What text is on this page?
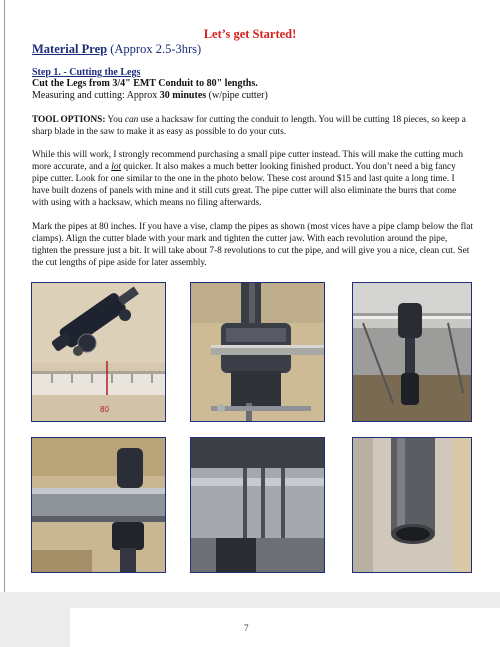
Let’s get Started!
Material Prep (Approx 2.5-3hrs)
Step 1. - Cutting the Legs
Cut the Legs from 3/4" EMT Conduit to 80" lengths.
Measuring and cutting: Approx 30 minutes (w/pipe cutter)
TOOL OPTIONS: You can use a hacksaw for cutting the conduit to length. You will be cutting 18 pieces, so keep a sharp blade in the saw to make it as easy as possible to do your cuts.
While this will work, I strongly recommend purchasing a small pipe cutter instead. This will make the cutting much more accurate, and a lot quicker. It also makes a much better looking finished product. You don’t need a big fancy pipe cutter. Look for one similar to the one in the photo below. These cost around $15 and last quite a long time. I have built dozens of panels with mine and it still cuts great. The pipe cutter will also eliminate the burrs that come with using with a hacksaw, which means no filing afterwards.
Mark the pipes at 80 inches. If you have a vise, clamp the pipes as shown (most vices have a pipe clamp below the flat clamps). Align the cutter blade with your mark and tighten the cutter jaw. With each revolution around the pipe, tighten the pressure just a bit. It will take about 7-8 revolutions to cut the pipe, and will give you a nice, clean cut. Set the cut lengths of pipe aside for later assembly.
80
7
